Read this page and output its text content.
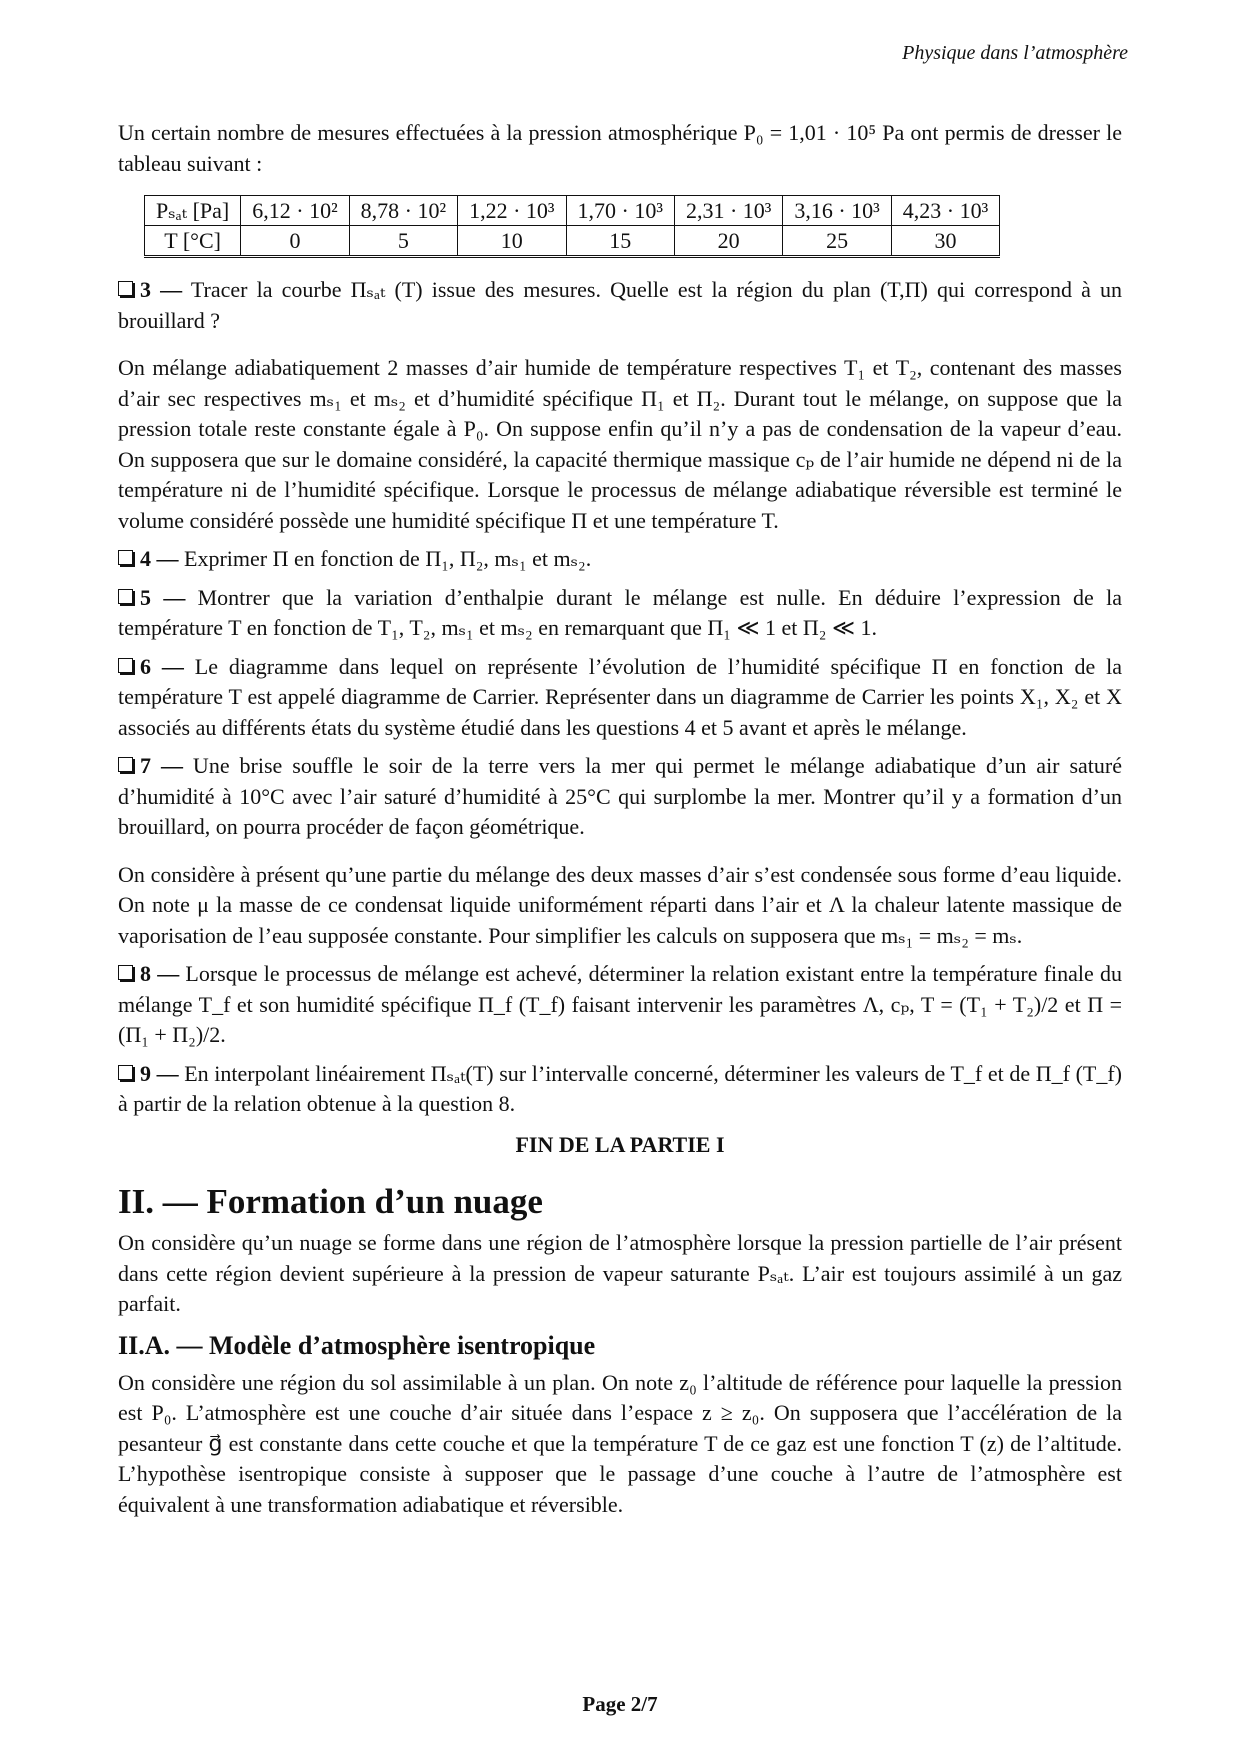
Physique dans l’atmosphère

Un certain nombre de mesures effectuées à la pression atmosphérique P₀ = 1,01 · 10⁵ Pa ont permis de dresser le tableau suivant :

Pₛₐₜ [Pa]	6,12 · 10²	8,78 · 10²	1,22 · 10³	1,70 · 10³	2,31 · 10³	3,16 · 10³	4,23 · 10³
T [°C]	0	5	10	15	20	25	30

3 — Tracer la courbe Πₛₐₜ (T) issue des mesures. Quelle est la région du plan (T,Π) qui correspond à un brouillard ?

On mélange adiabatiquement 2 masses d’air humide de température respectives T₁ et T₂, contenant des masses d’air sec respectives mₛ₁ et mₛ₂ et d’humidité spécifique Π₁ et Π₂. Durant tout le mélange, on suppose que la pression totale reste constante égale à P₀. On suppose enfin qu’il n’y a pas de condensation de la vapeur d’eau. On supposera que sur le domaine considéré, la capacité thermique massique cₚ de l’air humide ne dépend ni de la température ni de l’humidité spécifique. Lorsque le processus de mélange adiabatique réversible est terminé le volume considéré possède une humidité spécifique Π et une température T.

4 — Exprimer Π en fonction de Π₁, Π₂, mₛ₁ et mₛ₂.

5 — Montrer que la variation d’enthalpie durant le mélange est nulle. En déduire l’expression de la température T en fonction de T₁, T₂, mₛ₁ et mₛ₂ en remarquant que Π₁ ≪ 1 et Π₂ ≪ 1.

6 — Le diagramme dans lequel on représente l’évolution de l’humidité spécifique Π en fonction de la température T est appelé diagramme de Carrier. Représenter dans un diagramme de Carrier les points X₁, X₂ et X associés au différents états du système étudié dans les questions 4 et 5 avant et après le mélange.

7 — Une brise souffle le soir de la terre vers la mer qui permet le mélange adiabatique d’un air saturé d’humidité à 10°C avec l’air saturé d’humidité à 25°C qui surplombe la mer. Montrer qu’il y a formation d’un brouillard, on pourra procéder de façon géométrique.

On considère à présent qu’une partie du mélange des deux masses d’air s’est condensée sous forme d’eau liquide. On note μ la masse de ce condensat liquide uniformément réparti dans l’air et Λ la chaleur latente massique de vaporisation de l’eau supposée constante. Pour simplifier les calculs on supposera que mₛ₁ = mₛ₂ = mₛ.

8 — Lorsque le processus de mélange est achevé, déterminer la relation existant entre la température finale du mélange T_f et son humidité spécifique Π_f (T_f) faisant intervenir les paramètres Λ, cₚ, T = (T₁ + T₂)/2 et Π = (Π₁ + Π₂)/2.

9 — En interpolant linéairement Πₛₐₜ(T) sur l’intervalle concerné, déterminer les valeurs de T_f et de Π_f (T_f) à partir de la relation obtenue à la question 8.

FIN DE LA PARTIE I

II. — Formation d’un nuage

On considère qu’un nuage se forme dans une région de l’atmosphère lorsque la pression partielle de l’air présent dans cette région devient supérieure à la pression de vapeur saturante Pₛₐₜ. L’air est toujours assimilé à un gaz parfait.

II.A. — Modèle d’atmosphère isentropique

On considère une région du sol assimilable à un plan. On note z₀ l’altitude de référence pour laquelle la pression est P₀. L’atmosphère est une couche d’air située dans l’espace z ≥ z₀. On supposera que l’accélération de la pesanteur g⃗ est constante dans cette couche et que la température T de ce gaz est une fonction T (z) de l’altitude. L’hypothèse isentropique consiste à supposer que le passage d’une couche à l’autre de l’atmosphère est équivalent à une transformation adiabatique et réversible.

Page 2/7
